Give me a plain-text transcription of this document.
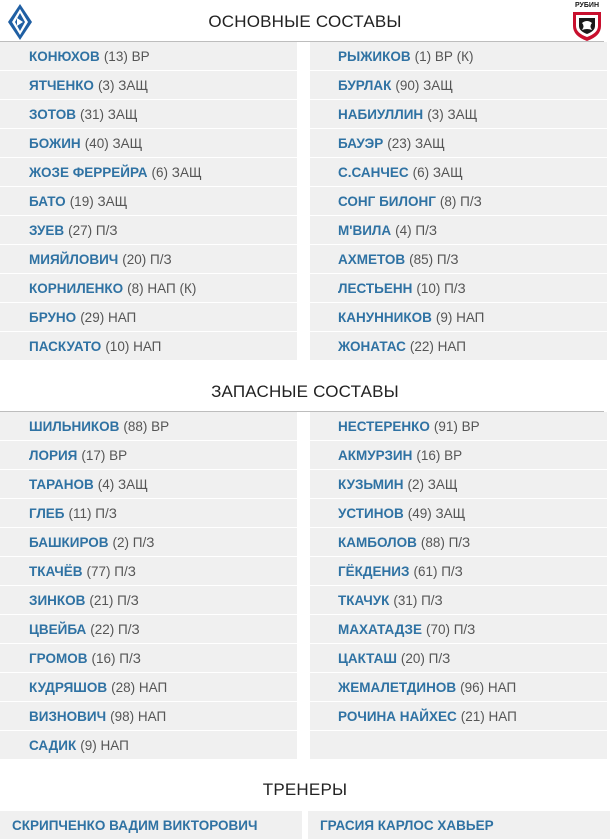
РУБИН
ОСНОВНЫЕ СОСТАВЫ
КОНЮХОВ (13) ВР
ЯТЧЕНКО (3) ЗАЩ
ЗОТОВ (31) ЗАЩ
БОЖИН (40) ЗАЩ
ЖОЗЕ ФЕРРЕЙРА (6) ЗАЩ
БАТО (19) ЗАЩ
ЗУЕВ (27) П/З
МИЯЙЛОВИЧ (20) П/З
КОРНИЛЕНКО (8) НАП (К)
БРУНО (29) НАП
ПАСКУАТО (10) НАП
РЫЖИКОВ (1) ВР (К)
БУРЛАК (90) ЗАЩ
НАБИУЛЛИН (3) ЗАЩ
БАУЭР (23) ЗАЩ
С.САНЧЕС (6) ЗАЩ
СОНГ БИЛОНГ (8) П/З
М'ВИЛА (4) П/З
АХМЕТОВ (85) П/З
ЛЕСТЬЕНН (10) П/З
КАНУННИКОВ (9) НАП
ЖОНАТАС (22) НАП
ЗАПАСНЫЕ СОСТАВЫ
ШИЛЬНИКОВ (88) ВР
ЛОРИЯ (17) ВР
ТАРАНОВ (4) ЗАЩ
ГЛЕБ (11) П/З
БАШКИРОВ (2) П/З
ТКАЧЁВ (77) П/З
ЗИНКОВ (21) П/З
ЦВЕЙБА (22) П/З
ГРОМОВ (16) П/З
КУДРЯШОВ (28) НАП
ВИЗНОВИЧ (98) НАП
САДИК (9) НАП
НЕСТЕРЕНКО (91) ВР
АКМУРЗИН (16) ВР
КУЗЬМИН (2) ЗАЩ
УСТИНОВ (49) ЗАЩ
КАМБОЛОВ (88) П/З
ГЁКДЕНИЗ (61) П/З
ТКАЧУК (31) П/З
МАХАТАДЗЕ (70) П/З
ЦАКТАШ (20) П/З
ЖЕМАЛЕТДИНОВ (96) НАП
РОЧИНА НАЙХЕС (21) НАП
ТРЕНЕРЫ
СКРИПЧЕНКО ВАДИМ ВИКТОРОВИЧ	ГРАСИЯ КАРЛОС ХАВЬЕР
